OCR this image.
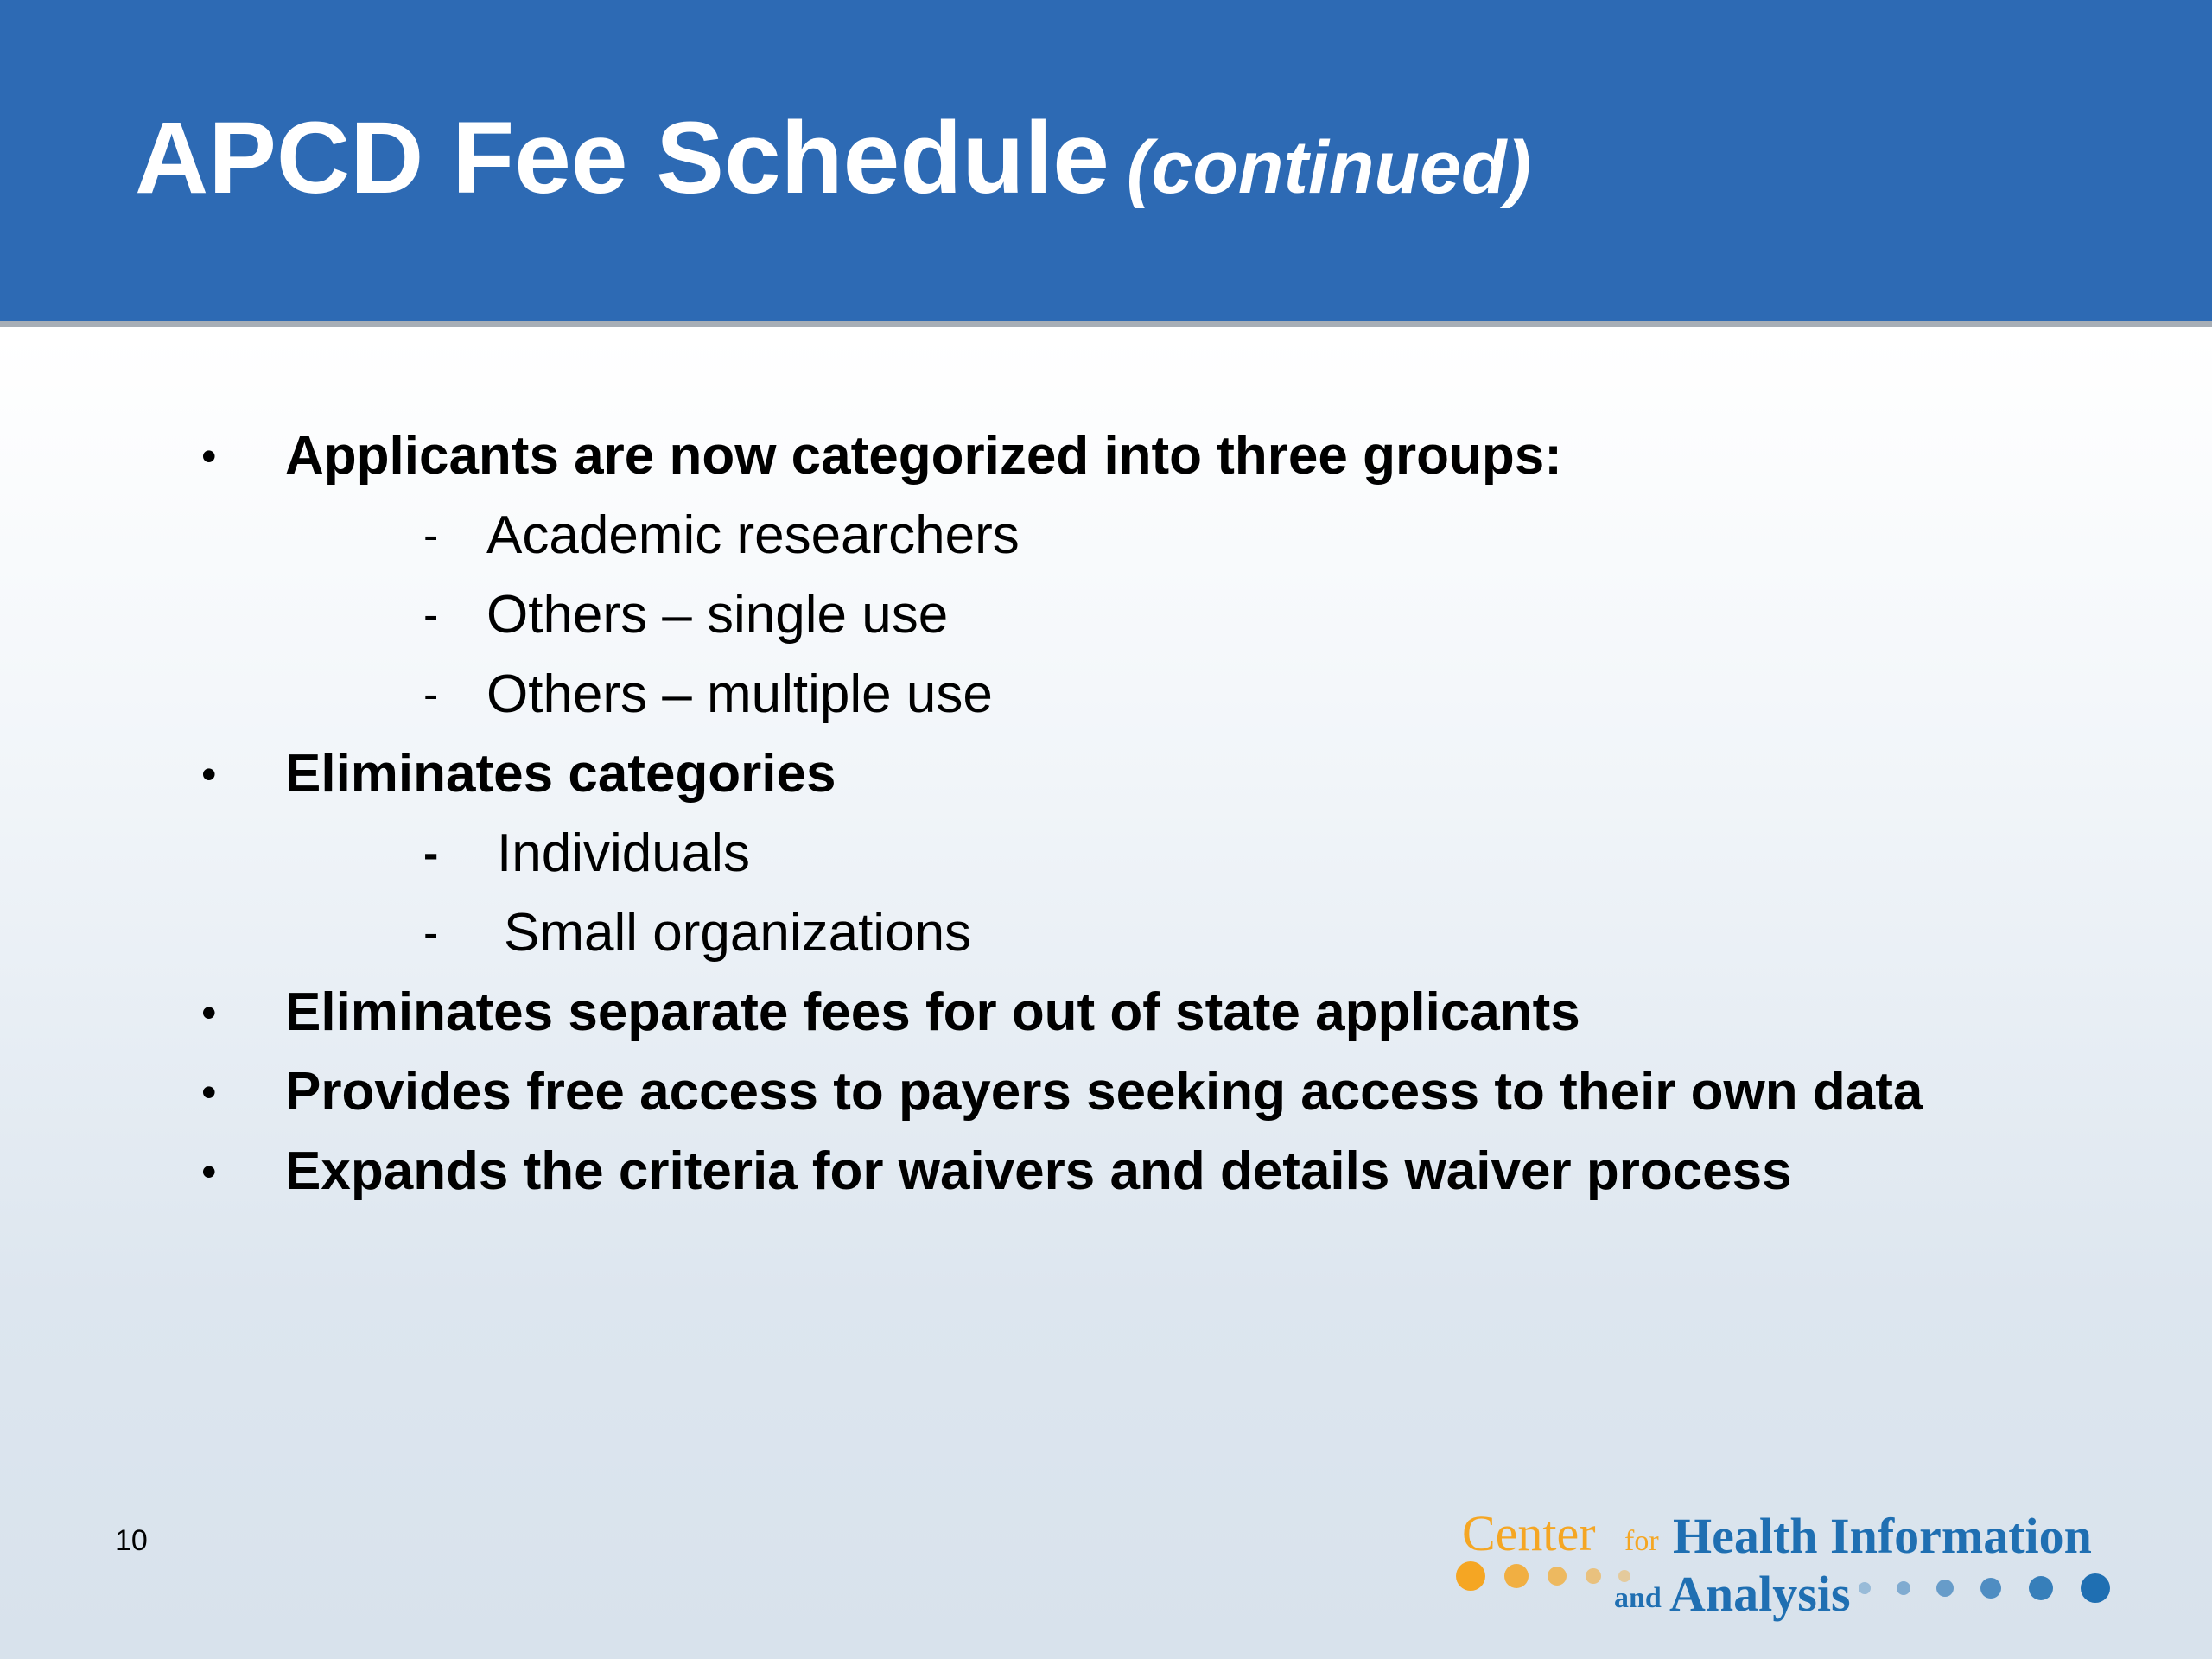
APCD Fee Schedule (continued)
• Applicants are now categorized into three groups:
- Academic researchers
- Others – single use
- Others – multiple use
• Eliminates categories
- Individuals
- Small organizations
• Eliminates separate fees for out of state applicants
• Provides free access to payers seeking access to their own data
• Expands the criteria for waivers and details waiver process
10	Center for Health Information
and Analysis
